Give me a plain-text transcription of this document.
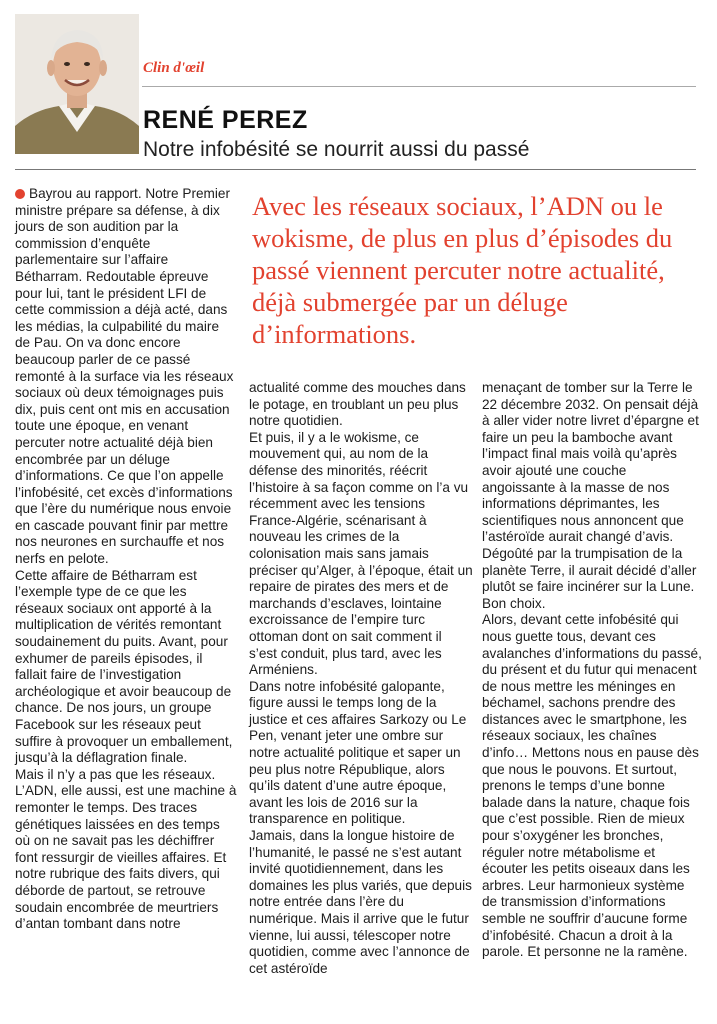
Clin d'œil
RENÉ PEREZ
Notre infobésité se nourrit aussi du passé
Avec les réseaux sociaux, l’ADN ou le wokisme, de plus en plus d’épisodes du passé viennent percuter notre actualité, déjà submergée par un déluge d’informations.

Bayrou au rapport. Notre Premier ministre prépare sa défense, à dix jours de son audition par la commission d’enquête parlementaire sur l’affaire Bétharram. Redoutable épreuve pour lui, tant le président LFI de cette commission a déjà acté, dans les médias, la culpabilité du maire de Pau. On va donc encore beaucoup parler de ce passé remonté à la surface via les réseaux sociaux où deux témoignages puis dix, puis cent ont mis en accusation toute une époque, en venant percuter notre actualité déjà bien encombrée par un déluge d’informations. Ce que l’on appelle l’infobésité, cet excès d’informations que l’ère du numérique nous envoie en cascade pouvant finir par mettre nos neurones en surchauffe et nos nerfs en pelote.

Cette affaire de Bétharram est l’exemple type de ce que les réseaux sociaux ont apporté à la multiplication de vérités remontant soudainement du puits. Avant, pour exhumer de pareils épisodes, il fallait faire de l’investigation archéologique et avoir beaucoup de chance. De nos jours, un groupe Facebook sur les réseaux peut suffire à provoquer un emballement, jusqu’à la déflagration finale.

Mais il n’y a pas que les réseaux. L’ADN, elle aussi, est une machine à remonter le temps. Des traces génétiques laissées en des temps où on ne savait pas les déchiffrer font ressurgir de vieilles affaires. Et notre rubrique des faits divers, qui déborde de partout, se retrouve soudain encombrée de meurtriers d’antan tombant dans notre

actualité comme des mouches dans le potage, en troublant un peu plus notre quotidien.

Et puis, il y a le wokisme, ce mouvement qui, au nom de la défense des minorités, réécrit l’histoire à sa façon comme on l’a vu récemment avec les tensions France-Algérie, scénarisant à nouveau les crimes de la colonisation mais sans jamais préciser qu’Alger, à l’époque, était un repaire de pirates des mers et de marchands d’esclaves, lointaine excroissance de l’empire turc ottoman dont on sait comment il s’est conduit, plus tard, avec les Arméniens.

Dans notre infobésité galopante, figure aussi le temps long de la justice et ces affaires Sarkozy ou Le Pen, venant jeter une ombre sur notre actualité politique et saper un peu plus notre République, alors qu’ils datent d’une autre époque, avant les lois de 2016 sur la transparence en politique.

Jamais, dans la longue histoire de l’humanité, le passé ne s’est autant invité quotidiennement, dans les domaines les plus variés, que depuis notre entrée dans l’ère du numérique. Mais il arrive que le futur vienne, lui aussi, télescoper notre quotidien, comme avec l’annonce de cet astéroïde

menaçant de tomber sur la Terre le 22 décembre 2032. On pensait déjà à aller vider notre livret d’épargne et faire un peu la bamboche avant l’impact final mais voilà qu’après avoir ajouté une couche angoissante à la masse de nos informations déprimantes, les scientifiques nous annoncent que l’astéroïde aurait changé d’avis. Dégoûté par la trumpisation de la planète Terre, il aurait décidé d’aller plutôt se faire incinérer sur la Lune. Bon choix.

Alors, devant cette infobésité qui nous guette tous, devant ces avalanches d’informations du passé, du présent et du futur qui menacent de nous mettre les méninges en béchamel, sachons prendre des distances avec le smartphone, les réseaux sociaux, les chaînes d’info… Mettons nous en pause dès que nous le pouvons. Et surtout, prenons le temps d’une bonne balade dans la nature, chaque fois que c’est possible. Rien de mieux pour s’oxygéner les bronches, réguler notre métabolisme et écouter les petits oiseaux dans les arbres. Leur harmonieux système de transmission d’informations semble ne souffrir d’aucune forme d’infobésité. Chacun a droit à la parole. Et personne ne la ramène.
